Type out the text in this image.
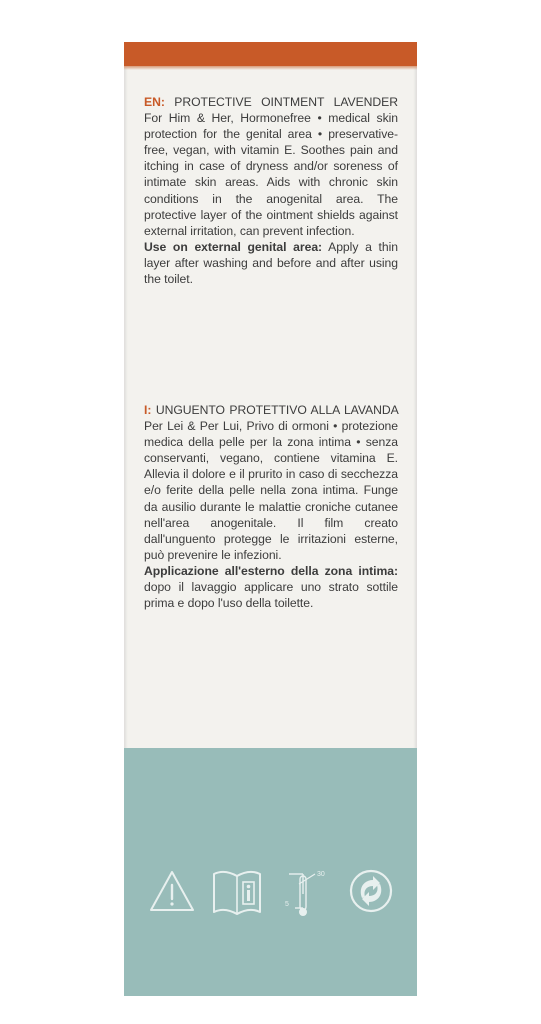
EN: PROTECTIVE OINTMENT LAVENDER For Him & Her, Hormonefree • medical skin protection for the genital area • preservative-free, vegan, with vitamin E. Soothes pain and itching in case of dryness and/or soreness of intimate skin areas. Aids with chronic skin conditions in the anogenital area. The protective layer of the ointment shields against external irritation, can prevent infection.

Use on external genital area: Apply a thin layer after washing and before and after using the toilet.

I: UNGUENTO PROTETTIVO ALLA LAVANDA Per Lei & Per Lui, Privo di ormoni • protezione medica della pelle per la zona intima • senza conservanti, vegano, contiene vitamina E. Allevia il dolore e il prurito in caso di secchezza e/o ferite della pelle nella zona intima. Funge da ausilio durante le malattie croniche cutanee nell'area anogenitale. Il film creato dall'unguento protegge le irritazioni esterne, può prevenire le infezioni.

Applicazione all'esterno della zona intima: dopo il lavaggio applicare uno strato sottile prima e dopo l'uso della toilette.

30
5
